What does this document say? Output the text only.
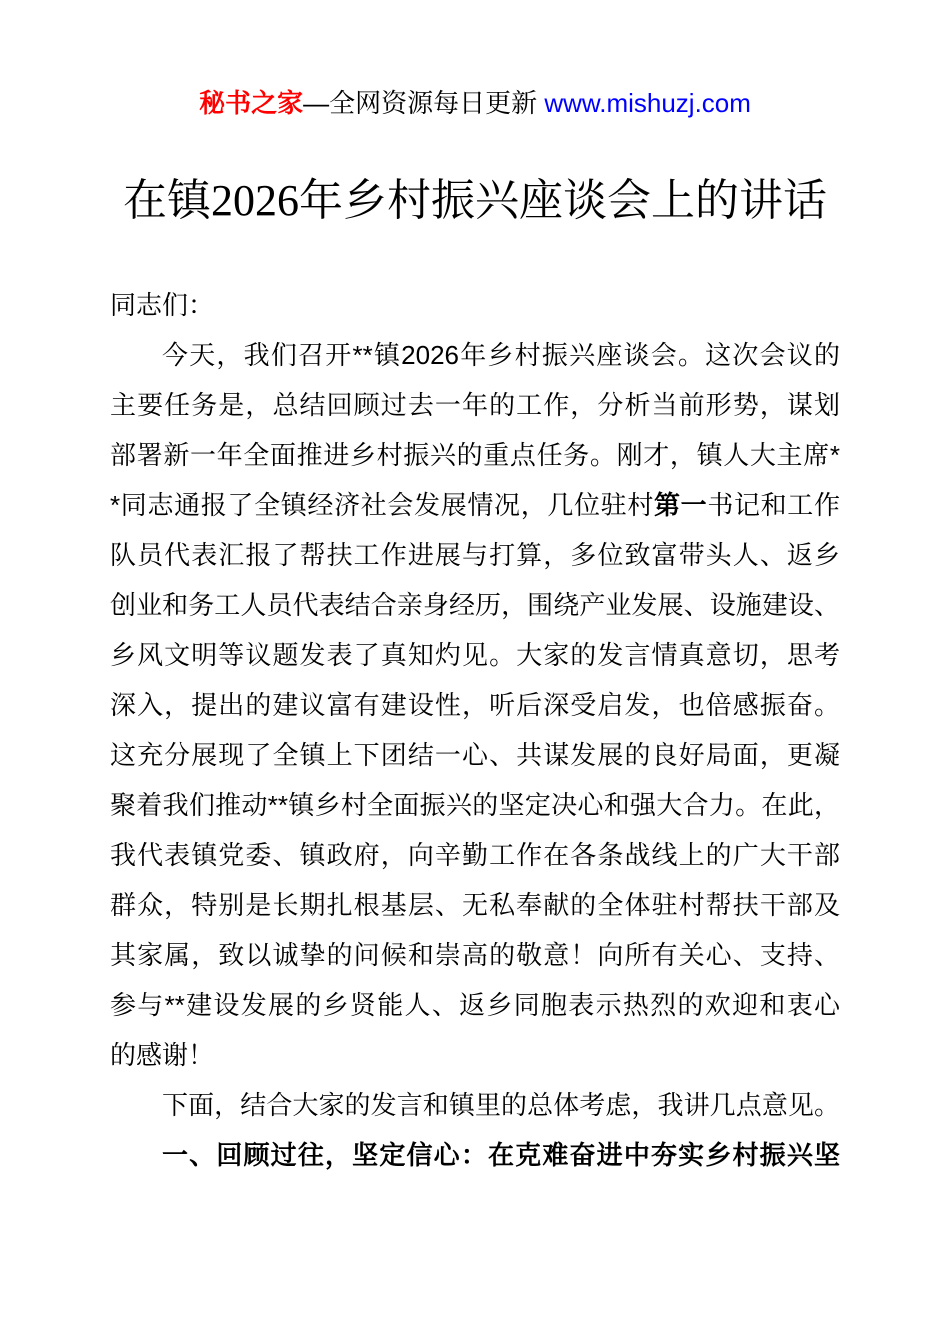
秘书之家—全网资源每日更新 www.mishuzj.com
在镇2026年乡村振兴座谈会上的讲话
同志们：
今天，我们召开**镇2026年乡村振兴座谈会。这次会议的
主要任务是，总结回顾过去一年的工作，分析当前形势，谋划
部署新一年全面推进乡村振兴的重点任务。刚才，镇人大主席*
*同志通报了全镇经济社会发展情况，几位驻村第一书记和工作
队员代表汇报了帮扶工作进展与打算，多位致富带头人、返乡
创业和务工人员代表结合亲身经历，围绕产业发展、设施建设、
乡风文明等议题发表了真知灼见。大家的发言情真意切，思考
深入，提出的建议富有建设性，听后深受启发，也倍感振奋。
这充分展现了全镇上下团结一心、共谋发展的良好局面，更凝
聚着我们推动**镇乡村全面振兴的坚定决心和强大合力。在此，
我代表镇党委、镇政府，向辛勤工作在各条战线上的广大干部
群众，特别是长期扎根基层、无私奉献的全体驻村帮扶干部及
其家属，致以诚挚的问候和崇高的敬意！向所有关心、支持、
参与**建设发展的乡贤能人、返乡同胞表示热烈的欢迎和衷心
的感谢！
下面，结合大家的发言和镇里的总体考虑，我讲几点意见。
一、回顾过往，坚定信心：在克难奋进中夯实乡村振兴坚
